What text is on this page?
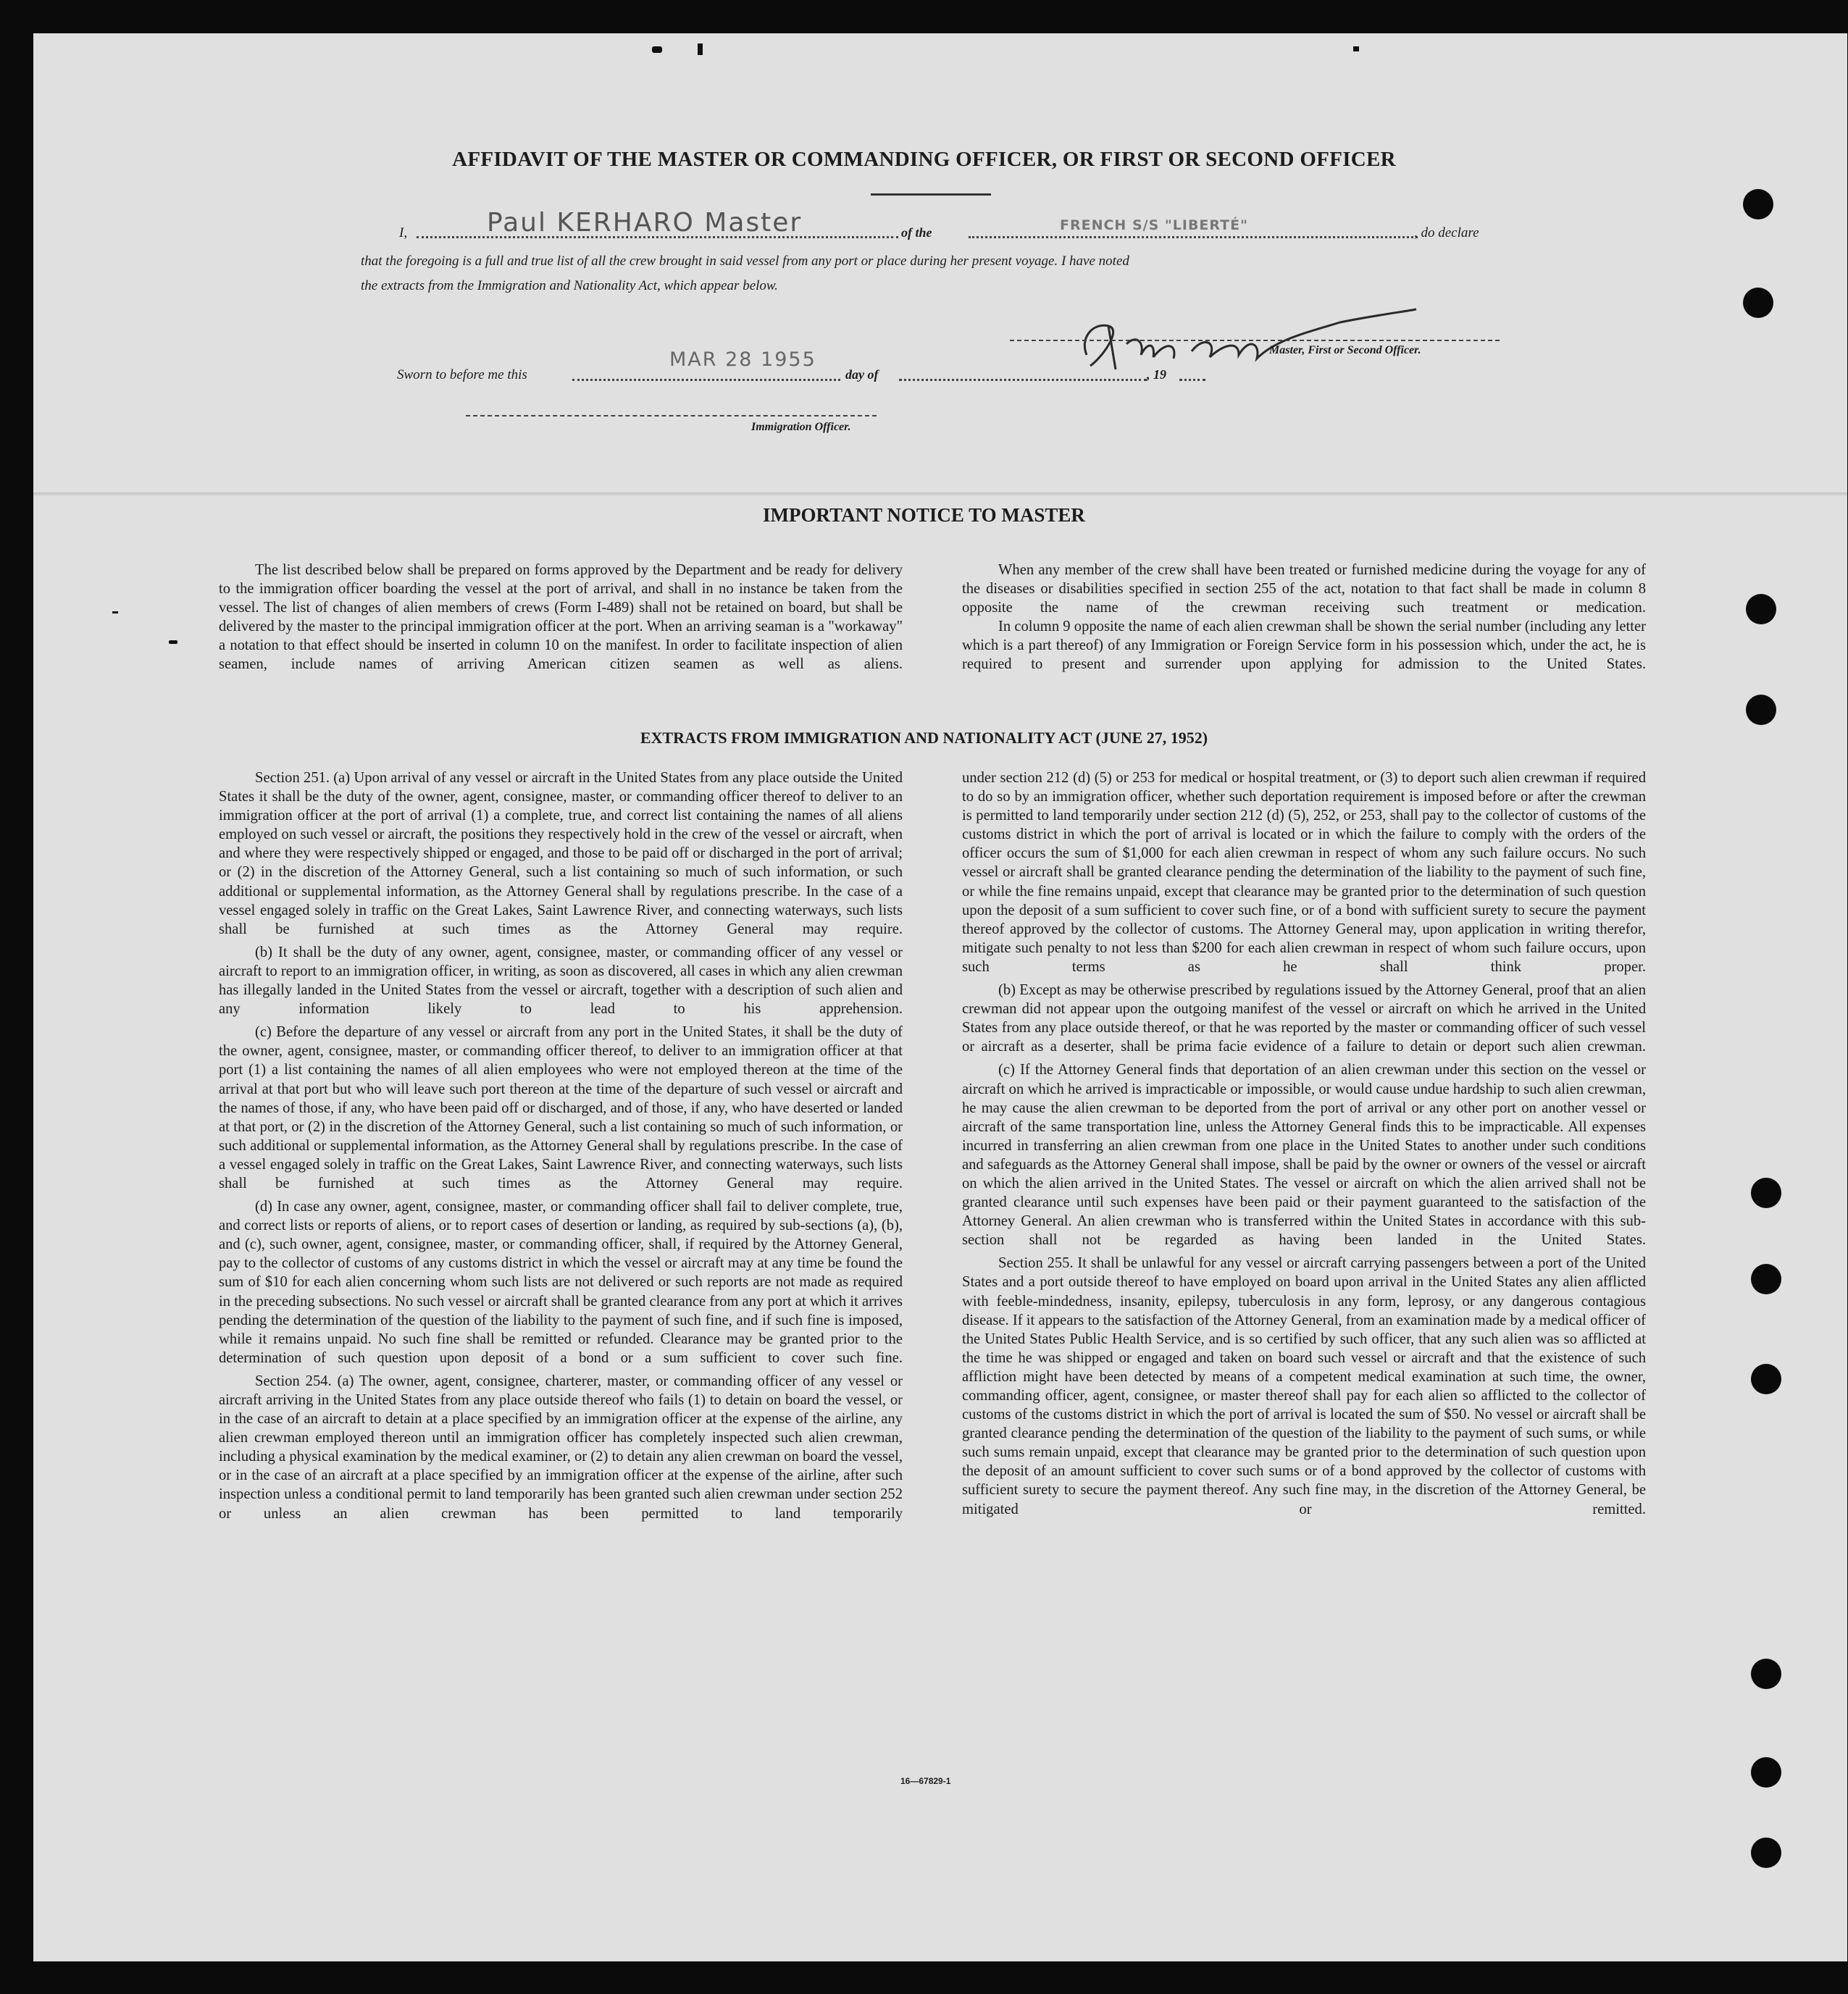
AFFIDAVIT OF THE MASTER OR COMMANDING OFFICER, OR FIRST OR SECOND OFFICER
I,	Paul KERHARO Master	of the	FRENCH S/S "LIBERTÉ"	, do declare
that the foregoing is a full and true list of all the crew brought in said vessel from any port or place during her present voyage. I have noted
the extracts from the Immigration and Nationality Act, which appear below.
Master, First or Second Officer.
Sworn to before me this
MAR 28 1955
day of	, 19
Immigration Officer.
IMPORTANT NOTICE TO MASTER

The list described below shall be prepared on forms approved by the Department and be ready for delivery to the immigration officer boarding the vessel at the port of arrival, and shall in no instance be taken from the vessel. The list of changes of alien members of crews (Form I-489) shall not be retained on board, but shall be delivered by the master to the principal immigration officer at the port. When an arriving seaman is a "workaway" a notation to that effect should be inserted in column 10 on the manifest. In order to facilitate inspection of alien seamen, include names of arriving American citizen seamen as well as aliens.

When any member of the crew shall have been treated or furnished medicine during the voyage for any of the diseases or disabilities specified in section 255 of the act, notation to that fact shall be made in column 8 opposite the name of the crewman receiving such treatment or medication.

In column 9 opposite the name of each alien crewman shall be shown the serial number (including any letter which is a part thereof) of any Immigration or Foreign Service form in his possession which, under the act, he is required to present and surrender upon applying for admission to the United States.

EXTRACTS FROM IMMIGRATION AND NATIONALITY ACT (JUNE 27, 1952)

Section 251. (a) Upon arrival of any vessel or aircraft in the United States from any place outside the United States it shall be the duty of the owner, agent, consignee, master, or commanding officer thereof to deliver to an immigration officer at the port of arrival (1) a complete, true, and correct list containing the names of all aliens employed on such vessel or aircraft, the positions they respectively hold in the crew of the vessel or aircraft, when and where they were respectively shipped or engaged, and those to be paid off or discharged in the port of arrival; or (2) in the discretion of the Attorney General, such a list containing so much of such information, or such additional or supplemental information, as the Attorney General shall by regulations prescribe. In the case of a vessel engaged solely in traffic on the Great Lakes, Saint Lawrence River, and connecting waterways, such lists shall be furnished at such times as the Attorney General may require.

(b) It shall be the duty of any owner, agent, consignee, master, or commanding officer of any vessel or aircraft to report to an immigration officer, in writing, as soon as discovered, all cases in which any alien crewman has illegally landed in the United States from the vessel or aircraft, together with a description of such alien and any information likely to lead to his apprehension.

(c) Before the departure of any vessel or aircraft from any port in the United States, it shall be the duty of the owner, agent, consignee, master, or commanding officer thereof, to deliver to an immigration officer at that port (1) a list containing the names of all alien employees who were not employed thereon at the time of the arrival at that port but who will leave such port thereon at the time of the departure of such vessel or aircraft and the names of those, if any, who have been paid off or discharged, and of those, if any, who have deserted or landed at that port, or (2) in the discretion of the Attorney General, such a list containing so much of such information, or such additional or supplemental information, as the Attorney General shall by regulations prescribe. In the case of a vessel engaged solely in traffic on the Great Lakes, Saint Lawrence River, and connecting waterways, such lists shall be furnished at such times as the Attorney General may require.

(d) In case any owner, agent, consignee, master, or commanding officer shall fail to deliver complete, true, and correct lists or reports of aliens, or to report cases of desertion or landing, as required by sub-sections (a), (b), and (c), such owner, agent, consignee, master, or commanding officer, shall, if required by the Attorney General, pay to the collector of customs of any customs district in which the vessel or aircraft may at any time be found the sum of $10 for each alien concerning whom such lists are not delivered or such reports are not made as required in the preceding subsections. No such vessel or aircraft shall be granted clearance from any port at which it arrives pending the determination of the question of the liability to the payment of such fine, and if such fine is imposed, while it remains unpaid. No such fine shall be remitted or refunded. Clearance may be granted prior to the determination of such question upon deposit of a bond or a sum sufficient to cover such fine.

Section 254. (a) The owner, agent, consignee, charterer, master, or commanding officer of any vessel or aircraft arriving in the United States from any place outside thereof who fails (1) to detain on board the vessel, or in the case of an aircraft to detain at a place specified by an immigration officer at the expense of the airline, any alien crewman employed thereon until an immigration officer has completely inspected such alien crewman, including a physical examination by the medical examiner, or (2) to detain any alien crewman on board the vessel, or in the case of an aircraft at a place specified by an immigration officer at the expense of the airline, after such inspection unless a conditional permit to land temporarily has been granted such alien crewman under section 252 or unless an alien crewman has been permitted to land temporarily

under section 212 (d) (5) or 253 for medical or hospital treatment, or (3) to deport such alien crewman if required to do so by an immigration officer, whether such deportation requirement is imposed before or after the crewman is permitted to land temporarily under section 212 (d) (5), 252, or 253, shall pay to the collector of customs of the customs district in which the port of arrival is located or in which the failure to comply with the orders of the officer occurs the sum of $1,000 for each alien crewman in respect of whom any such failure occurs. No such vessel or aircraft shall be granted clearance pending the determination of the liability to the payment of such fine, or while the fine remains unpaid, except that clearance may be granted prior to the determination of such question upon the deposit of a sum sufficient to cover such fine, or of a bond with sufficient surety to secure the payment thereof approved by the collector of customs. The Attorney General may, upon application in writing therefor, mitigate such penalty to not less than $200 for each alien crewman in respect of whom such failure occurs, upon such terms as he shall think proper.

(b) Except as may be otherwise prescribed by regulations issued by the Attorney General, proof that an alien crewman did not appear upon the outgoing manifest of the vessel or aircraft on which he arrived in the United States from any place outside thereof, or that he was reported by the master or commanding officer of such vessel or aircraft as a deserter, shall be prima facie evidence of a failure to detain or deport such alien crewman.

(c) If the Attorney General finds that deportation of an alien crewman under this section on the vessel or aircraft on which he arrived is impracticable or impossible, or would cause undue hardship to such alien crewman, he may cause the alien crewman to be deported from the port of arrival or any other port on another vessel or aircraft of the same transportation line, unless the Attorney General finds this to be impracticable. All expenses incurred in transferring an alien crewman from one place in the United States to another under such conditions and safeguards as the Attorney General shall impose, shall be paid by the owner or owners of the vessel or aircraft on which the alien arrived in the United States. The vessel or aircraft on which the alien arrived shall not be granted clearance until such expenses have been paid or their payment guaranteed to the satisfaction of the Attorney General. An alien crewman who is transferred within the United States in accordance with this sub-section shall not be regarded as having been landed in the United States.

Section 255. It shall be unlawful for any vessel or aircraft carrying passengers between a port of the United States and a port outside thereof to have employed on board upon arrival in the United States any alien afflicted with feeble-mindedness, insanity, epilepsy, tuberculosis in any form, leprosy, or any dangerous contagious disease. If it appears to the satisfaction of the Attorney General, from an examination made by a medical officer of the United States Public Health Service, and is so certified by such officer, that any such alien was so afflicted at the time he was shipped or engaged and taken on board such vessel or aircraft and that the existence of such affliction might have been detected by means of a competent medical examination at such time, the owner, commanding officer, agent, consignee, or master thereof shall pay for each alien so afflicted to the collector of customs of the customs district in which the port of arrival is located the sum of $50. No vessel or aircraft shall be granted clearance pending the determination of the question of the liability to the payment of such sums, or while such sums remain unpaid, except that clearance may be granted prior to the determination of such question upon the deposit of an amount sufficient to cover such sums or of a bond approved by the collector of customs with sufficient surety to secure the payment thereof. Any such fine may, in the discretion of the Attorney General, be mitigated or remitted.

16—67829-1
